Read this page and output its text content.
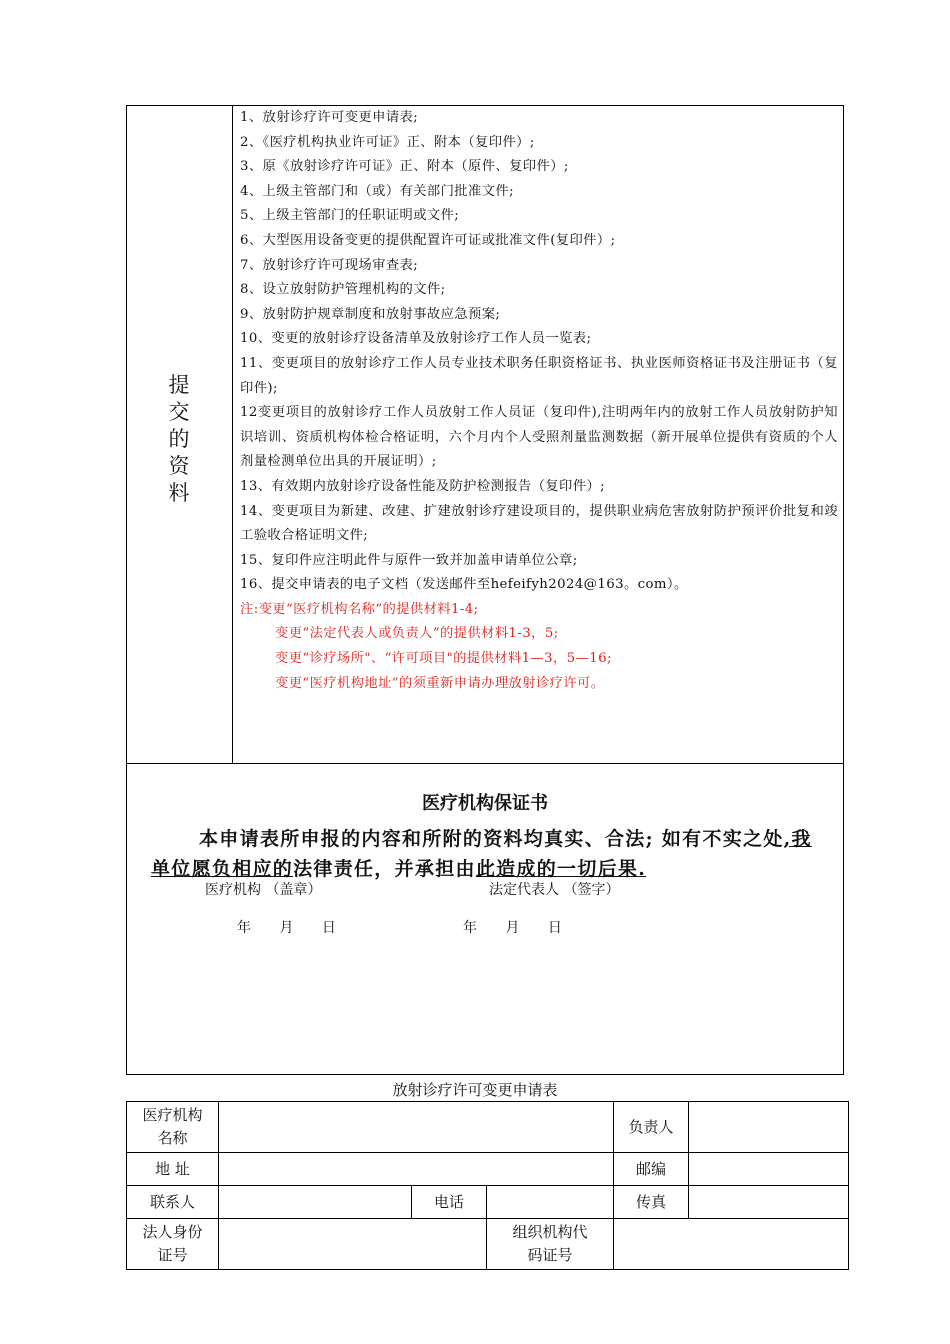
提
交
的
资
料
1、放射诊疗许可变更申请表;
2、《医疗机构执业许可证》正、附本（复印件）;
3、原《放射诊疗许可证》正、附本（原件、复印件）;
4、上级主管部门和（或）有关部门批准文件;
5、上级主管部门的任职证明或文件;
6、大型医用设备变更的提供配置许可证或批准文件(复印件）;
7、放射诊疗许可现场审查表;
8、设立放射防护管理机构的文件;
9、放射防护规章制度和放射事故应急预案;
10、变更的放射诊疗设备清单及放射诊疗工作人员一览表;
11、变更项目的放射诊疗工作人员专业技术职务任职资格证书、执业医师资格证书及注册证书（复印件);
12变更项目的放射诊疗工作人员放射工作人员证（复印件),注明两年内的放射工作人员放射防护知识培训、资质机构体检合格证明，六个月内个人受照剂量监测数据（新开展单位提供有资质的个人剂量检测单位出具的开展证明）;
13、有效期内放射诊疗设备性能及防护检测报告（复印件）;
14、变更项目为新建、改建、扩建放射诊疗建设项目的，提供职业病危害放射防护预评价批复和竣工验收合格证明文件;
15、复印件应注明此件与原件一致并加盖申请单位公章;
16、提交申请表的电子文档（发送邮件至hefeifyh2024@163。com）。
注:变更“医疗机构名称”的提供材料1-4;
变更“法定代表人或负责人”的提供材料1-3，5;
变更“诊疗场所"、“许可项目"的提供材料1—3，5—16;
变更“医疗机构地址”的须重新申请办理放射诊疗许可。
医疗机构保证书
本申请表所申报的内容和所附的资料均真实、合法; 如有不实之处,我单位愿负相应的法律责任，并承担由此造成的一切后果.
医疗机构 （盖章）	法定代表人 （签字）
年 月 日	年 月 日
放射诊疗许可变更申请表
医疗机构名称				负责人	
地 址				邮编	
联系人		电话		传真	
法人身份证号			组织机构代码证号		
